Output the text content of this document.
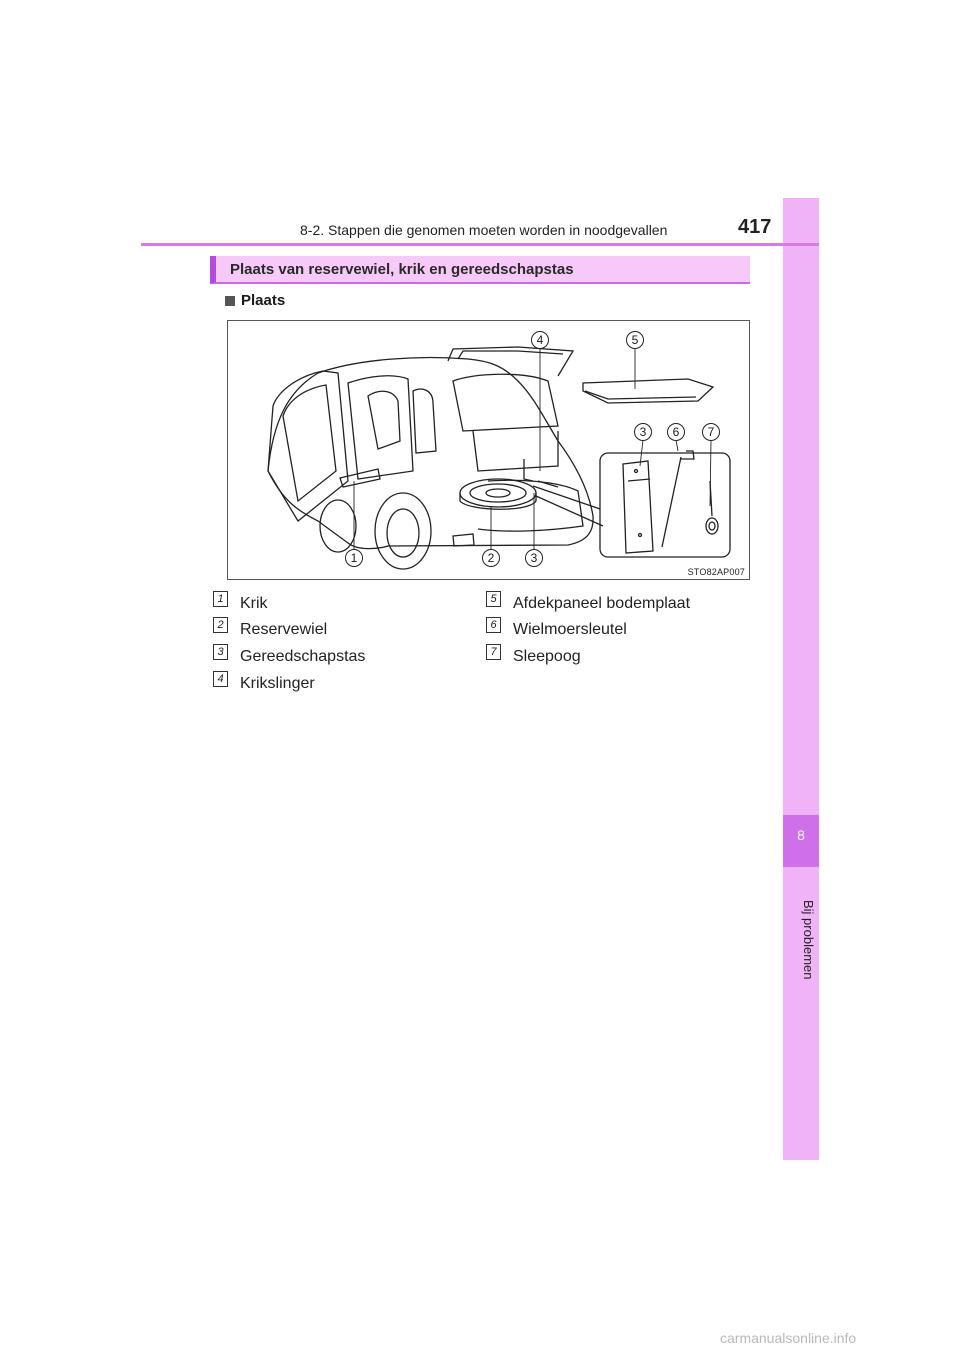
8
Bij problemen
8-2. Stappen die genomen moeten worden in noodgevallen	417
Plaats van reservewiel, krik en gereedschapstas
Plaats
1	2	3
3
4	5
6	7
STO82AP007
1 Krik
2 Reservewiel
3 Gereedschapstas
4 Krikslinger
5 Afdekpaneel bodemplaat
6 Wielmoersleutel
7 Sleepoog
carmanualsonline.info
